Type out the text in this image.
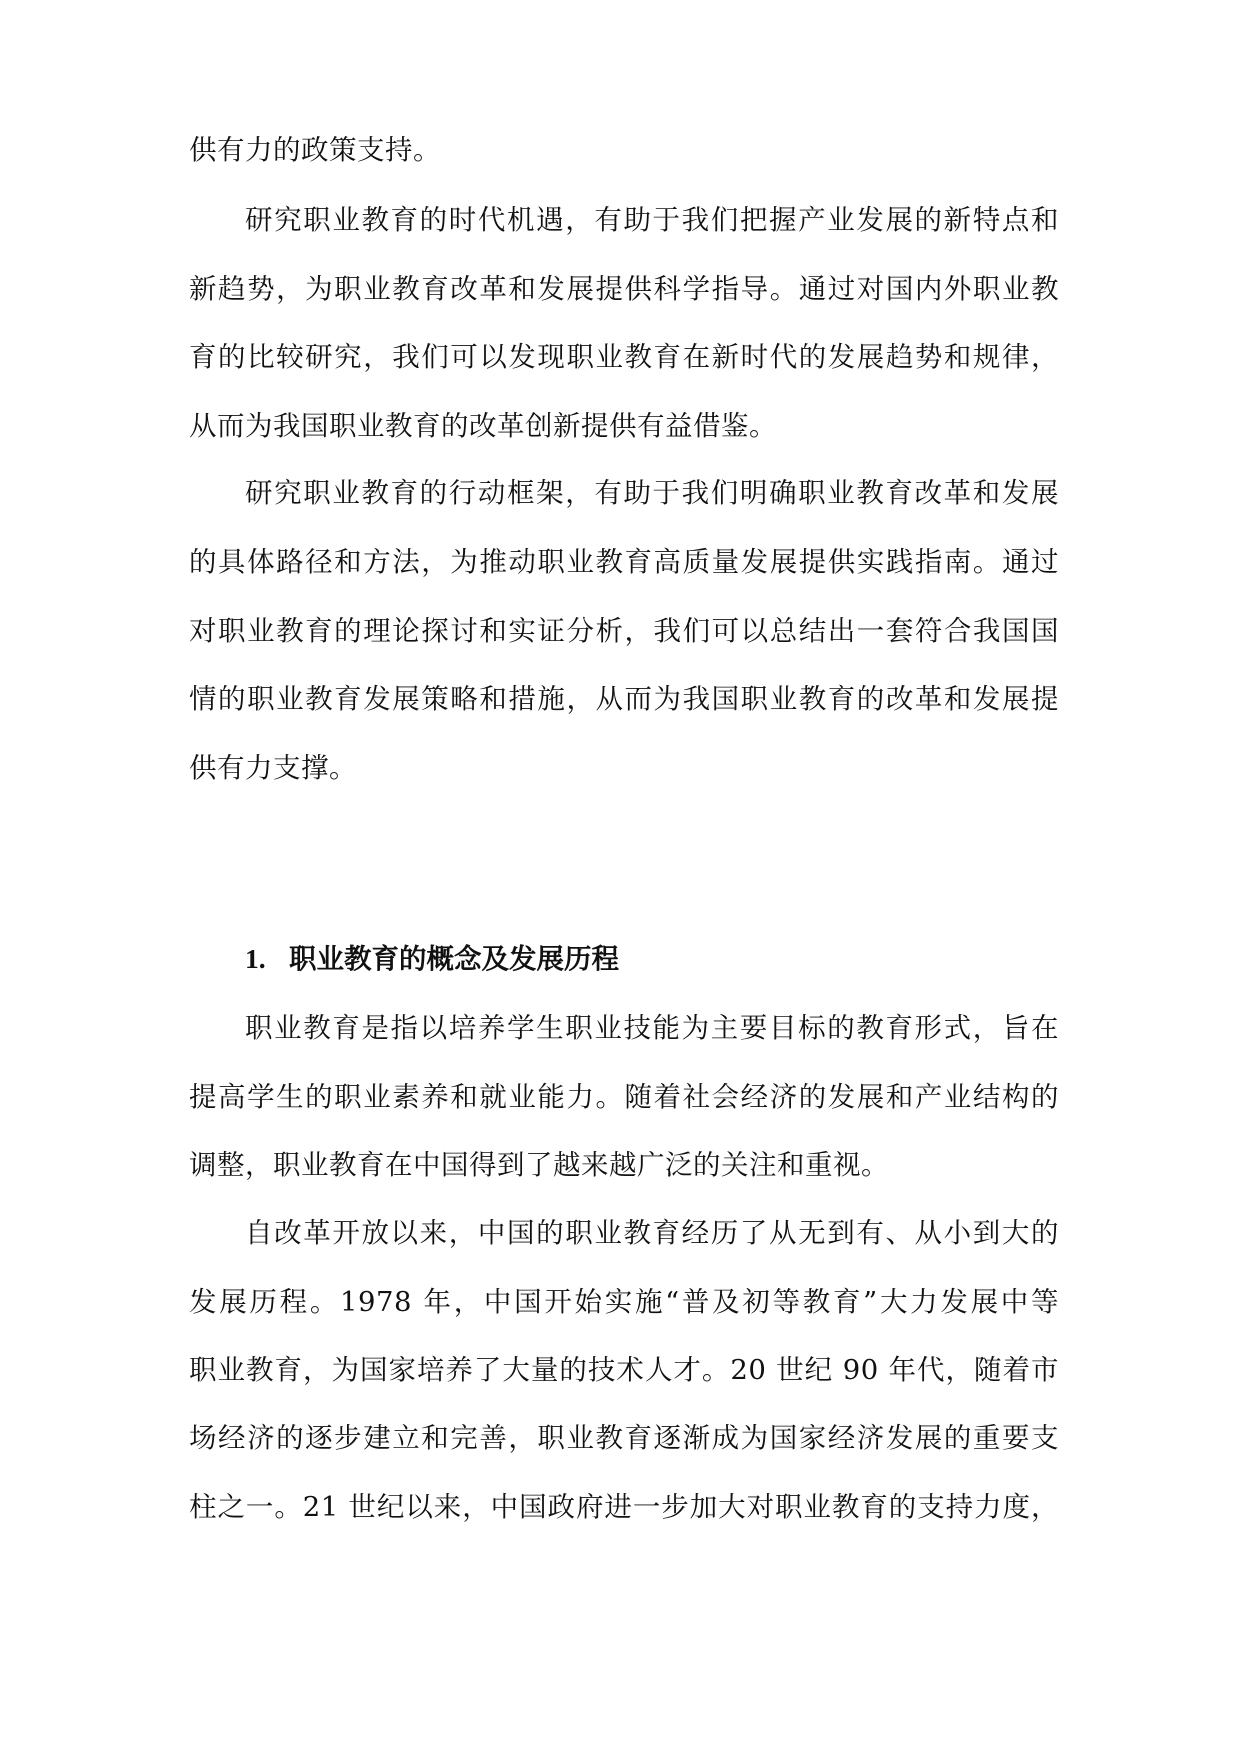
供有力的政策支持。
研究职业教育的时代机遇，有助于我们把握产业发展的新特点和
新趋势，为职业教育改革和发展提供科学指导。通过对国内外职业教
育的比较研究，我们可以发现职业教育在新时代的发展趋势和规律，
从而为我国职业教育的改革创新提供有益借鉴。
研究职业教育的行动框架，有助于我们明确职业教育改革和发展
的具体路径和方法，为推动职业教育高质量发展提供实践指南。通过
对职业教育的理论探讨和实证分析，我们可以总结出一套符合我国国
情的职业教育发展策略和措施，从而为我国职业教育的改革和发展提
供有力支撑。
1. 职业教育的概念及发展历程
职业教育是指以培养学生职业技能为主要目标的教育形式，旨在
提高学生的职业素养和就业能力。随着社会经济的发展和产业结构的
调整，职业教育在中国得到了越来越广泛的关注和重视。
自改革开放以来，中国的职业教育经历了从无到有、从小到大的
发展历程。1978 年，中国开始实施“普及初等教育”大力发展中等
职业教育，为国家培养了大量的技术人才。20 世纪 90 年代，随着市
场经济的逐步建立和完善，职业教育逐渐成为国家经济发展的重要支
柱之一。21 世纪以来，中国政府进一步加大对职业教育的支持力度，
